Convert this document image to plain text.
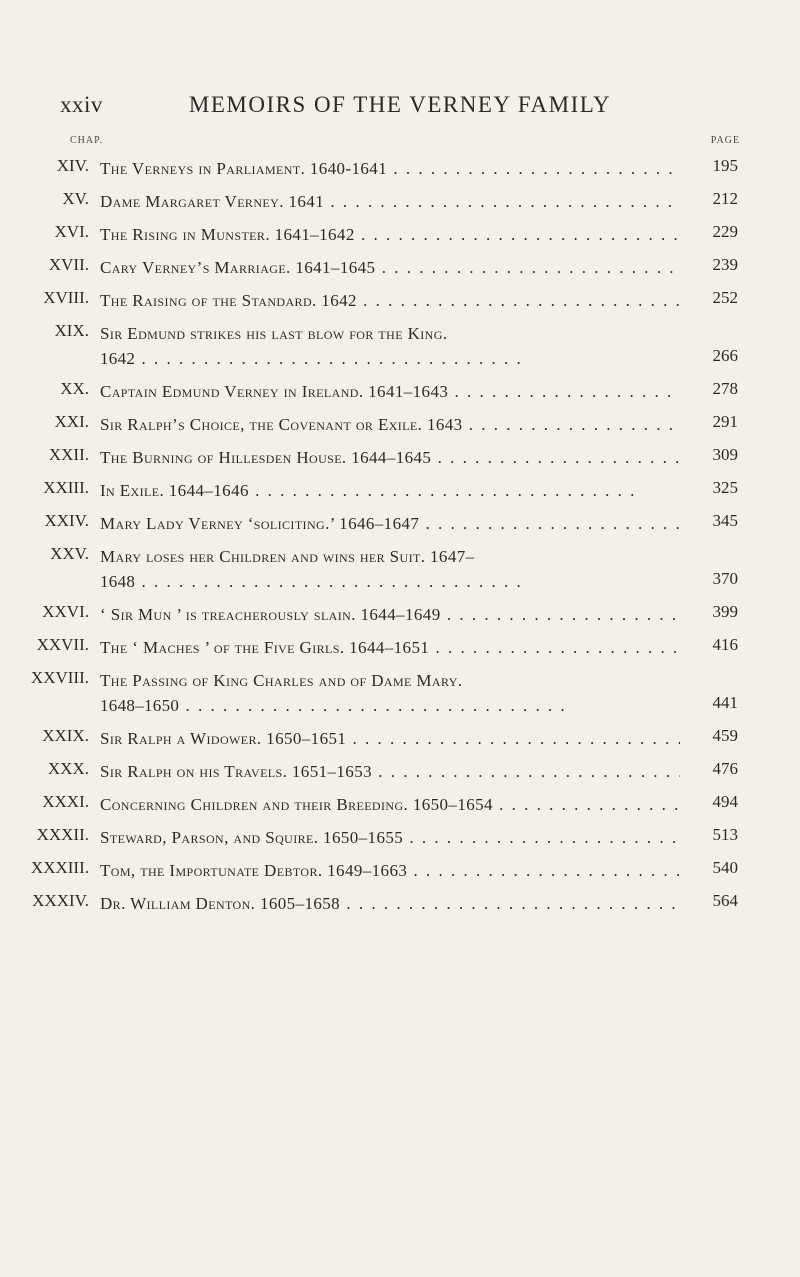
xxiv	MEMOIRS OF THE VERNEY FAMILY
CHAP.	PAGE
XIV. The Verneys in Parliament. 1640-1641 . . .	195
XV. Dame Margaret Verney. 1641 . . .	212
XVI. The Rising in Munster. 1641–1642 . . .	229
XVII. Cary Verney’s Marriage. 1641–1645 . . .	239
XVIII. The Raising of the Standard. 1642 . . .	252
XIX. Sir Edmund strikes his last blow for the King.
1642 . . .	266
XX. Captain Edmund Verney in Ireland. 1641–1643 . . .	278
XXI. Sir Ralph’s Choice, the Covenant or Exile. 1643 . . .	291
XXII. The Burning of Hillesden House. 1644–1645 . . .	309
XXIII. In Exile. 1644–1646 . . .	325
XXIV. Mary Lady Verney ‘soliciting.’ 1646–1647 . . .	345
XXV. Mary loses her Children and wins her Suit. 1647–
1648 . . .	370
XXVI. ‘ Sir Mun ’ is treacherously slain. 1644–1649 . . .	399
XXVII. The ‘ Maches ’ of the Five Girls. 1644–1651 . . .	416
XXVIII. The Passing of King Charles and of Dame Mary.
1648–1650 . . .	441
XXIX. Sir Ralph a Widower. 1650–1651 . . .	459
XXX. Sir Ralph on his Travels. 1651–1653 . . .	476
XXXI. Concerning Children and their Breeding. 1650–1654 . . .	494
XXXII. Steward, Parson, and Squire. 1650–1655 . . .	513
XXXIII. Tom, the Importunate Debtor. 1649–1663 . . .	540
XXXIV. Dr. William Denton. 1605–1658 . . .	564
